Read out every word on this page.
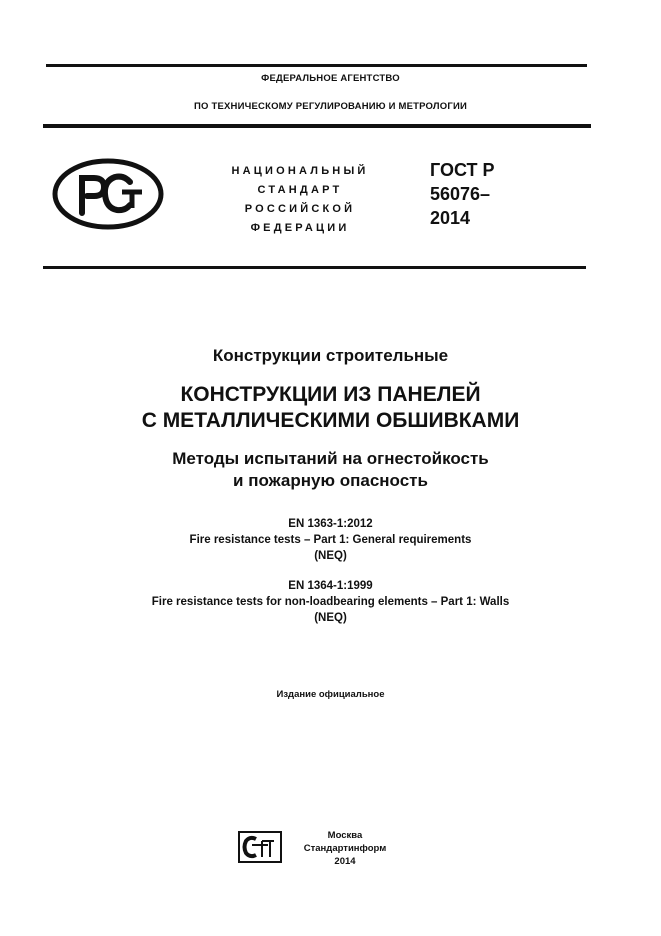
ФЕДЕРАЛЬНОЕ АГЕНТСТВО
ПО ТЕХНИЧЕСКОМУ РЕГУЛИРОВАНИЮ И МЕТРОЛОГИИ
НАЦИОНАЛЬНЫЙ
СТАНДАРТ
РОССИЙСКОЙ
ФЕДЕРАЦИИ
ГОСТ Р
56076–
2014
Конструкции строительные
КОНСТРУКЦИИ ИЗ ПАНЕЛЕЙ
С МЕТАЛЛИЧЕСКИМИ ОБШИВКАМИ
Методы испытаний на огнестойкость
и пожарную опасность
EN 1363-1:2012
Fire resistance tests – Part 1: General requirements
(NEQ)
EN 1364-1:1999
Fire resistance tests for non-loadbearing elements – Part 1: Walls
(NEQ)
Издание официальное
Москва
Стандартинформ
2014
